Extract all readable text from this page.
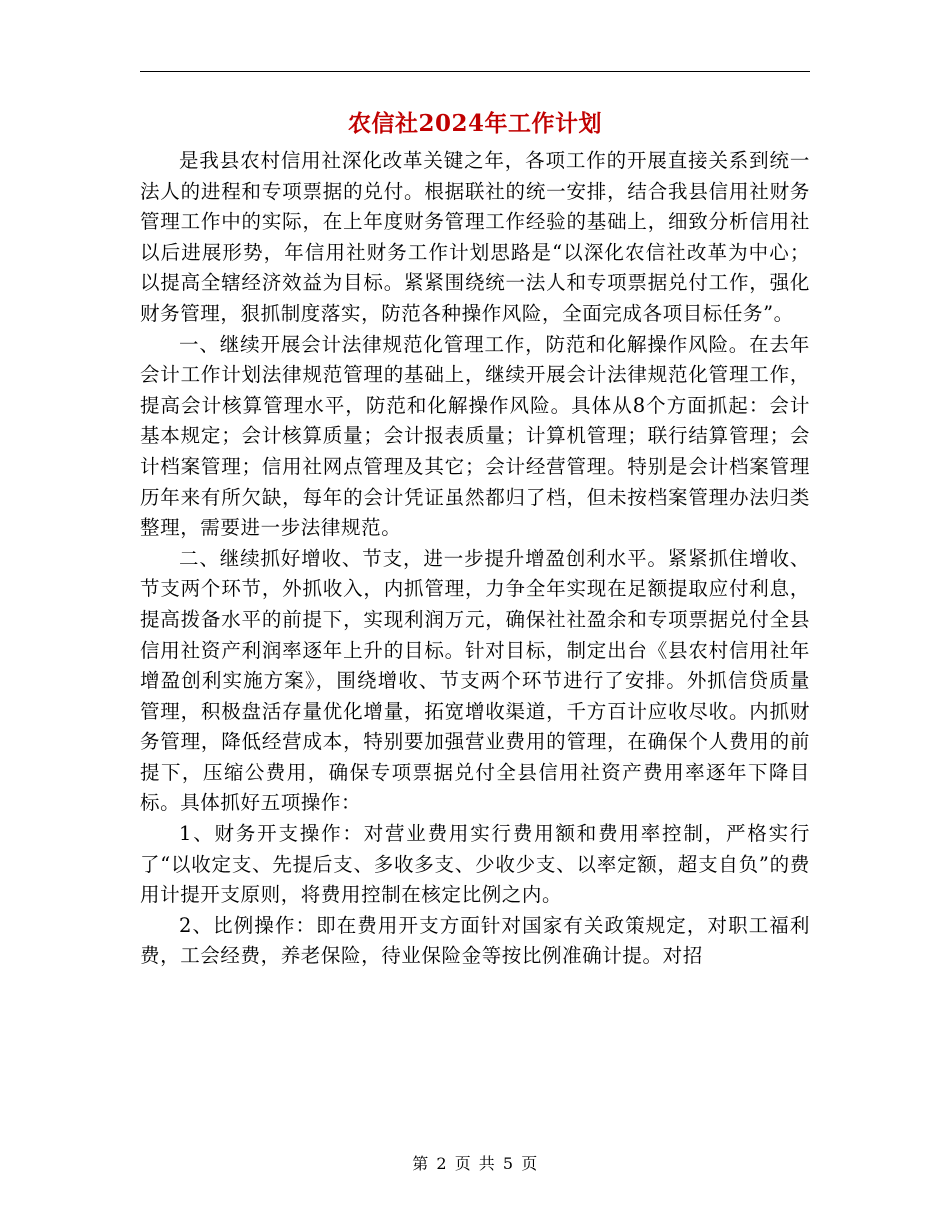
农信社2024年工作计划

是我县农村信用社深化改革关键之年，各项工作的开展直接关系到统一法人的进程和专项票据的兑付。根据联社的统一安排，结合我县信用社财务管理工作中的实际，在上年度财务管理工作经验的基础上，细致分析信用社以后进展形势，年信用社财务工作计划思路是“以深化农信社改革为中心；以提高全辖经济效益为目标。紧紧围绕统一法人和专项票据兑付工作，强化财务管理，狠抓制度落实，防范各种操作风险，全面完成各项目标任务”。

一、继续开展会计法律规范化管理工作，防范和化解操作风险。在去年会计工作计划法律规范管理的基础上，继续开展会计法律规范化管理工作，提高会计核算管理水平，防范和化解操作风险。具体从8个方面抓起：会计基本规定；会计核算质量；会计报表质量；计算机管理；联行结算管理；会计档案管理；信用社网点管理及其它；会计经营管理。特别是会计档案管理历年来有所欠缺，每年的会计凭证虽然都归了档，但未按档案管理办法归类整理，需要进一步法律规范。

二、继续抓好增收、节支，进一步提升增盈创利水平。紧紧抓住增收、节支两个环节，外抓收入，内抓管理，力争全年实现在足额提取应付利息，提高拨备水平的前提下，实现利润万元，确保社社盈余和专项票据兑付全县信用社资产利润率逐年上升的目标。针对目标，制定出台《县农村信用社年增盈创利实施方案》，围绕增收、节支两个环节进行了安排。外抓信贷质量管理，积极盘活存量优化增量，拓宽增收渠道，千方百计应收尽收。内抓财务管理，降低经营成本，特别要加强营业费用的管理，在确保个人费用的前提下，压缩公费用，确保专项票据兑付全县信用社资产费用率逐年下降目标。具体抓好五项操作：

1、财务开支操作：对营业费用实行费用额和费用率控制，严格实行了“以收定支、先提后支、多收多支、少收少支、以率定额，超支自负”的费用计提开支原则，将费用控制在核定比例之内。

2、比例操作：即在费用开支方面针对国家有关政策规定，对职工福利费，工会经费，养老保险，待业保险金等按比例准确计提。对招

第 2 页 共 5 页
